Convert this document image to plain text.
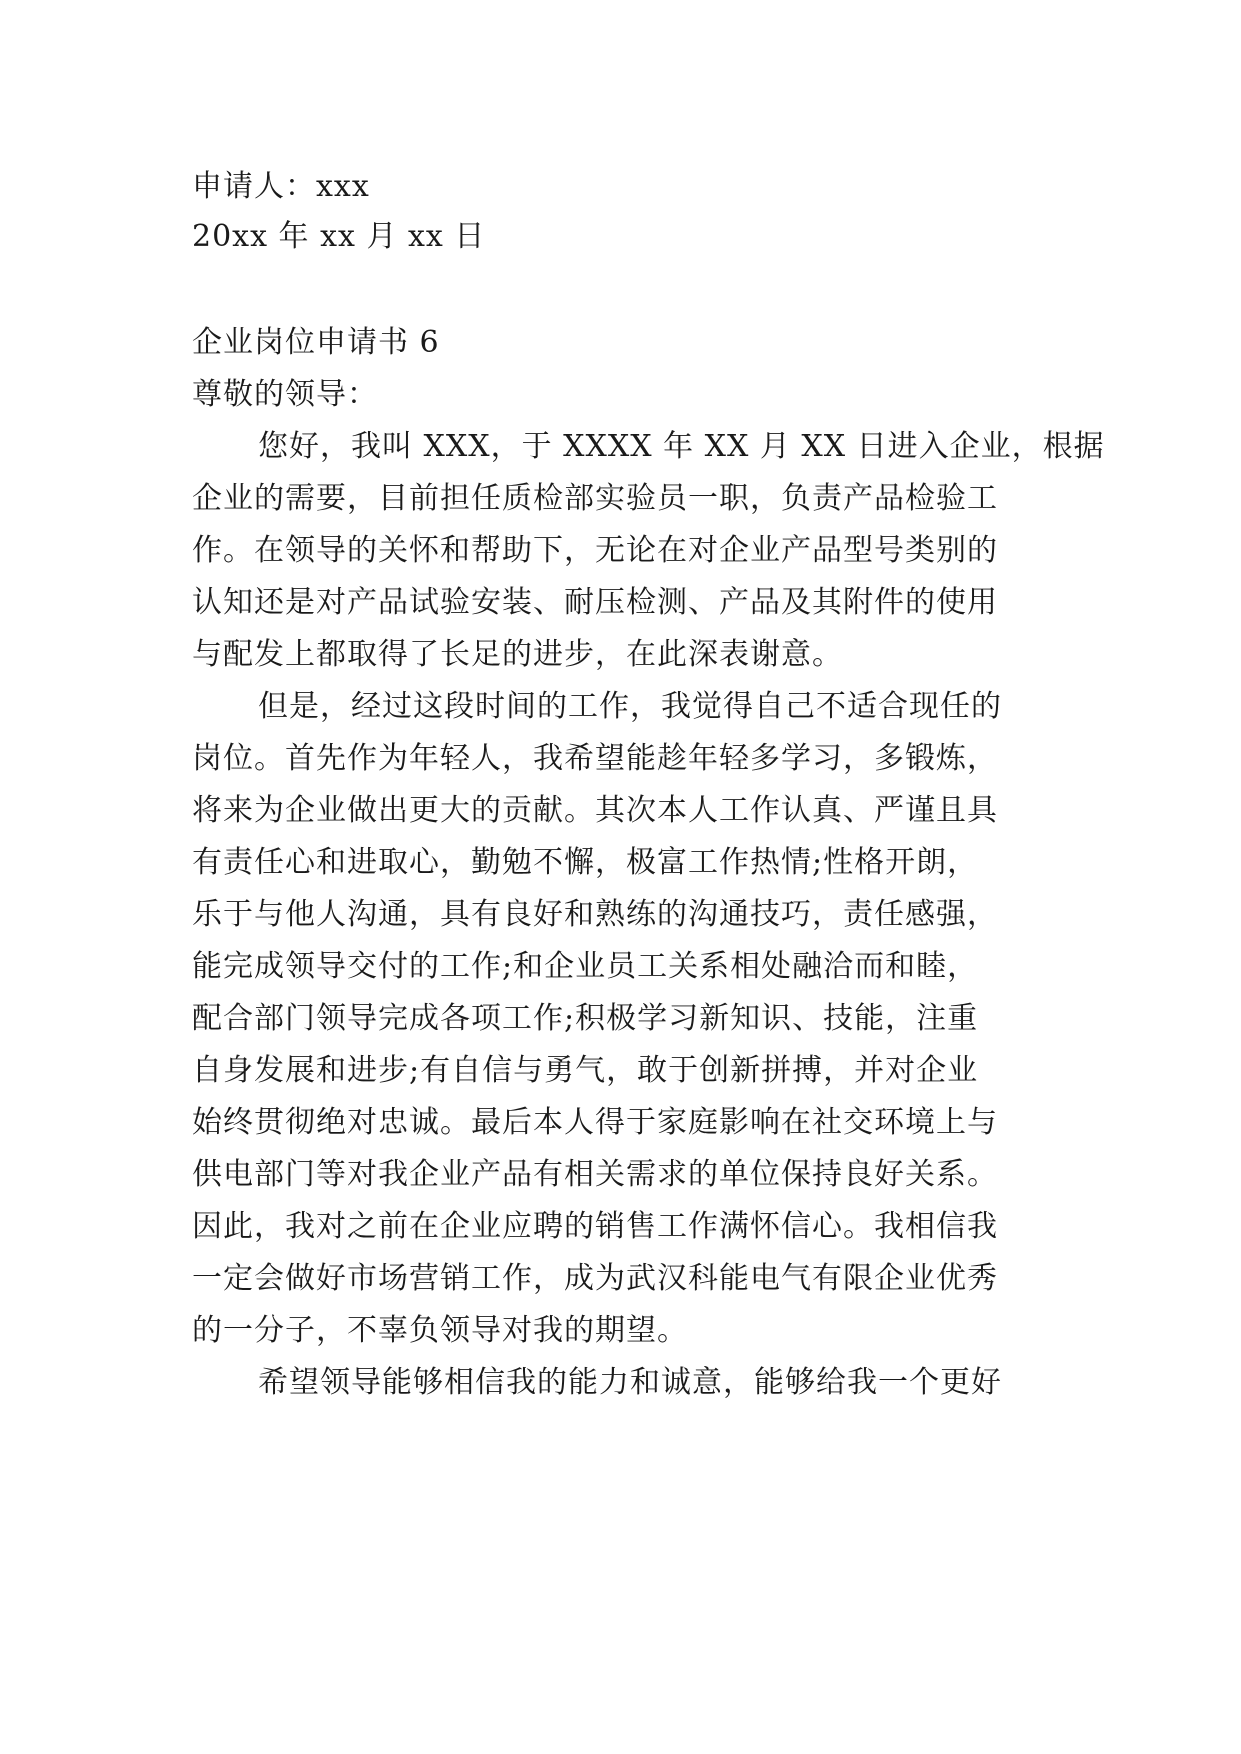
申请人：xxx
20xx 年 xx 月 xx 日
企业岗位申请书 6
尊敬的领导：
您好，我叫 XXX，于 XXXX 年 XX 月 XX 日进入企业，根据
企业的需要，目前担任质检部实验员一职，负责产品检验工
作。在领导的关怀和帮助下，无论在对企业产品型号类别的
认知还是对产品试验安装、耐压检测、产品及其附件的使用
与配发上都取得了长足的进步，在此深表谢意。
但是，经过这段时间的工作，我觉得自己不适合现任的
岗位。首先作为年轻人，我希望能趁年轻多学习，多锻炼，
将来为企业做出更大的贡献。其次本人工作认真、严谨且具
有责任心和进取心，勤勉不懈，极富工作热情;性格开朗，
乐于与他人沟通，具有良好和熟练的沟通技巧，责任感强，
能完成领导交付的工作;和企业员工关系相处融洽而和睦，
配合部门领导完成各项工作;积极学习新知识、技能，注重
自身发展和进步;有自信与勇气，敢于创新拼搏，并对企业
始终贯彻绝对忠诚。最后本人得于家庭影响在社交环境上与
供电部门等对我企业产品有相关需求的单位保持良好关系。
因此，我对之前在企业应聘的销售工作满怀信心。我相信我
一定会做好市场营销工作，成为武汉科能电气有限企业优秀
的一分子，不辜负领导对我的期望。
希望领导能够相信我的能力和诚意，能够给我一个更好
